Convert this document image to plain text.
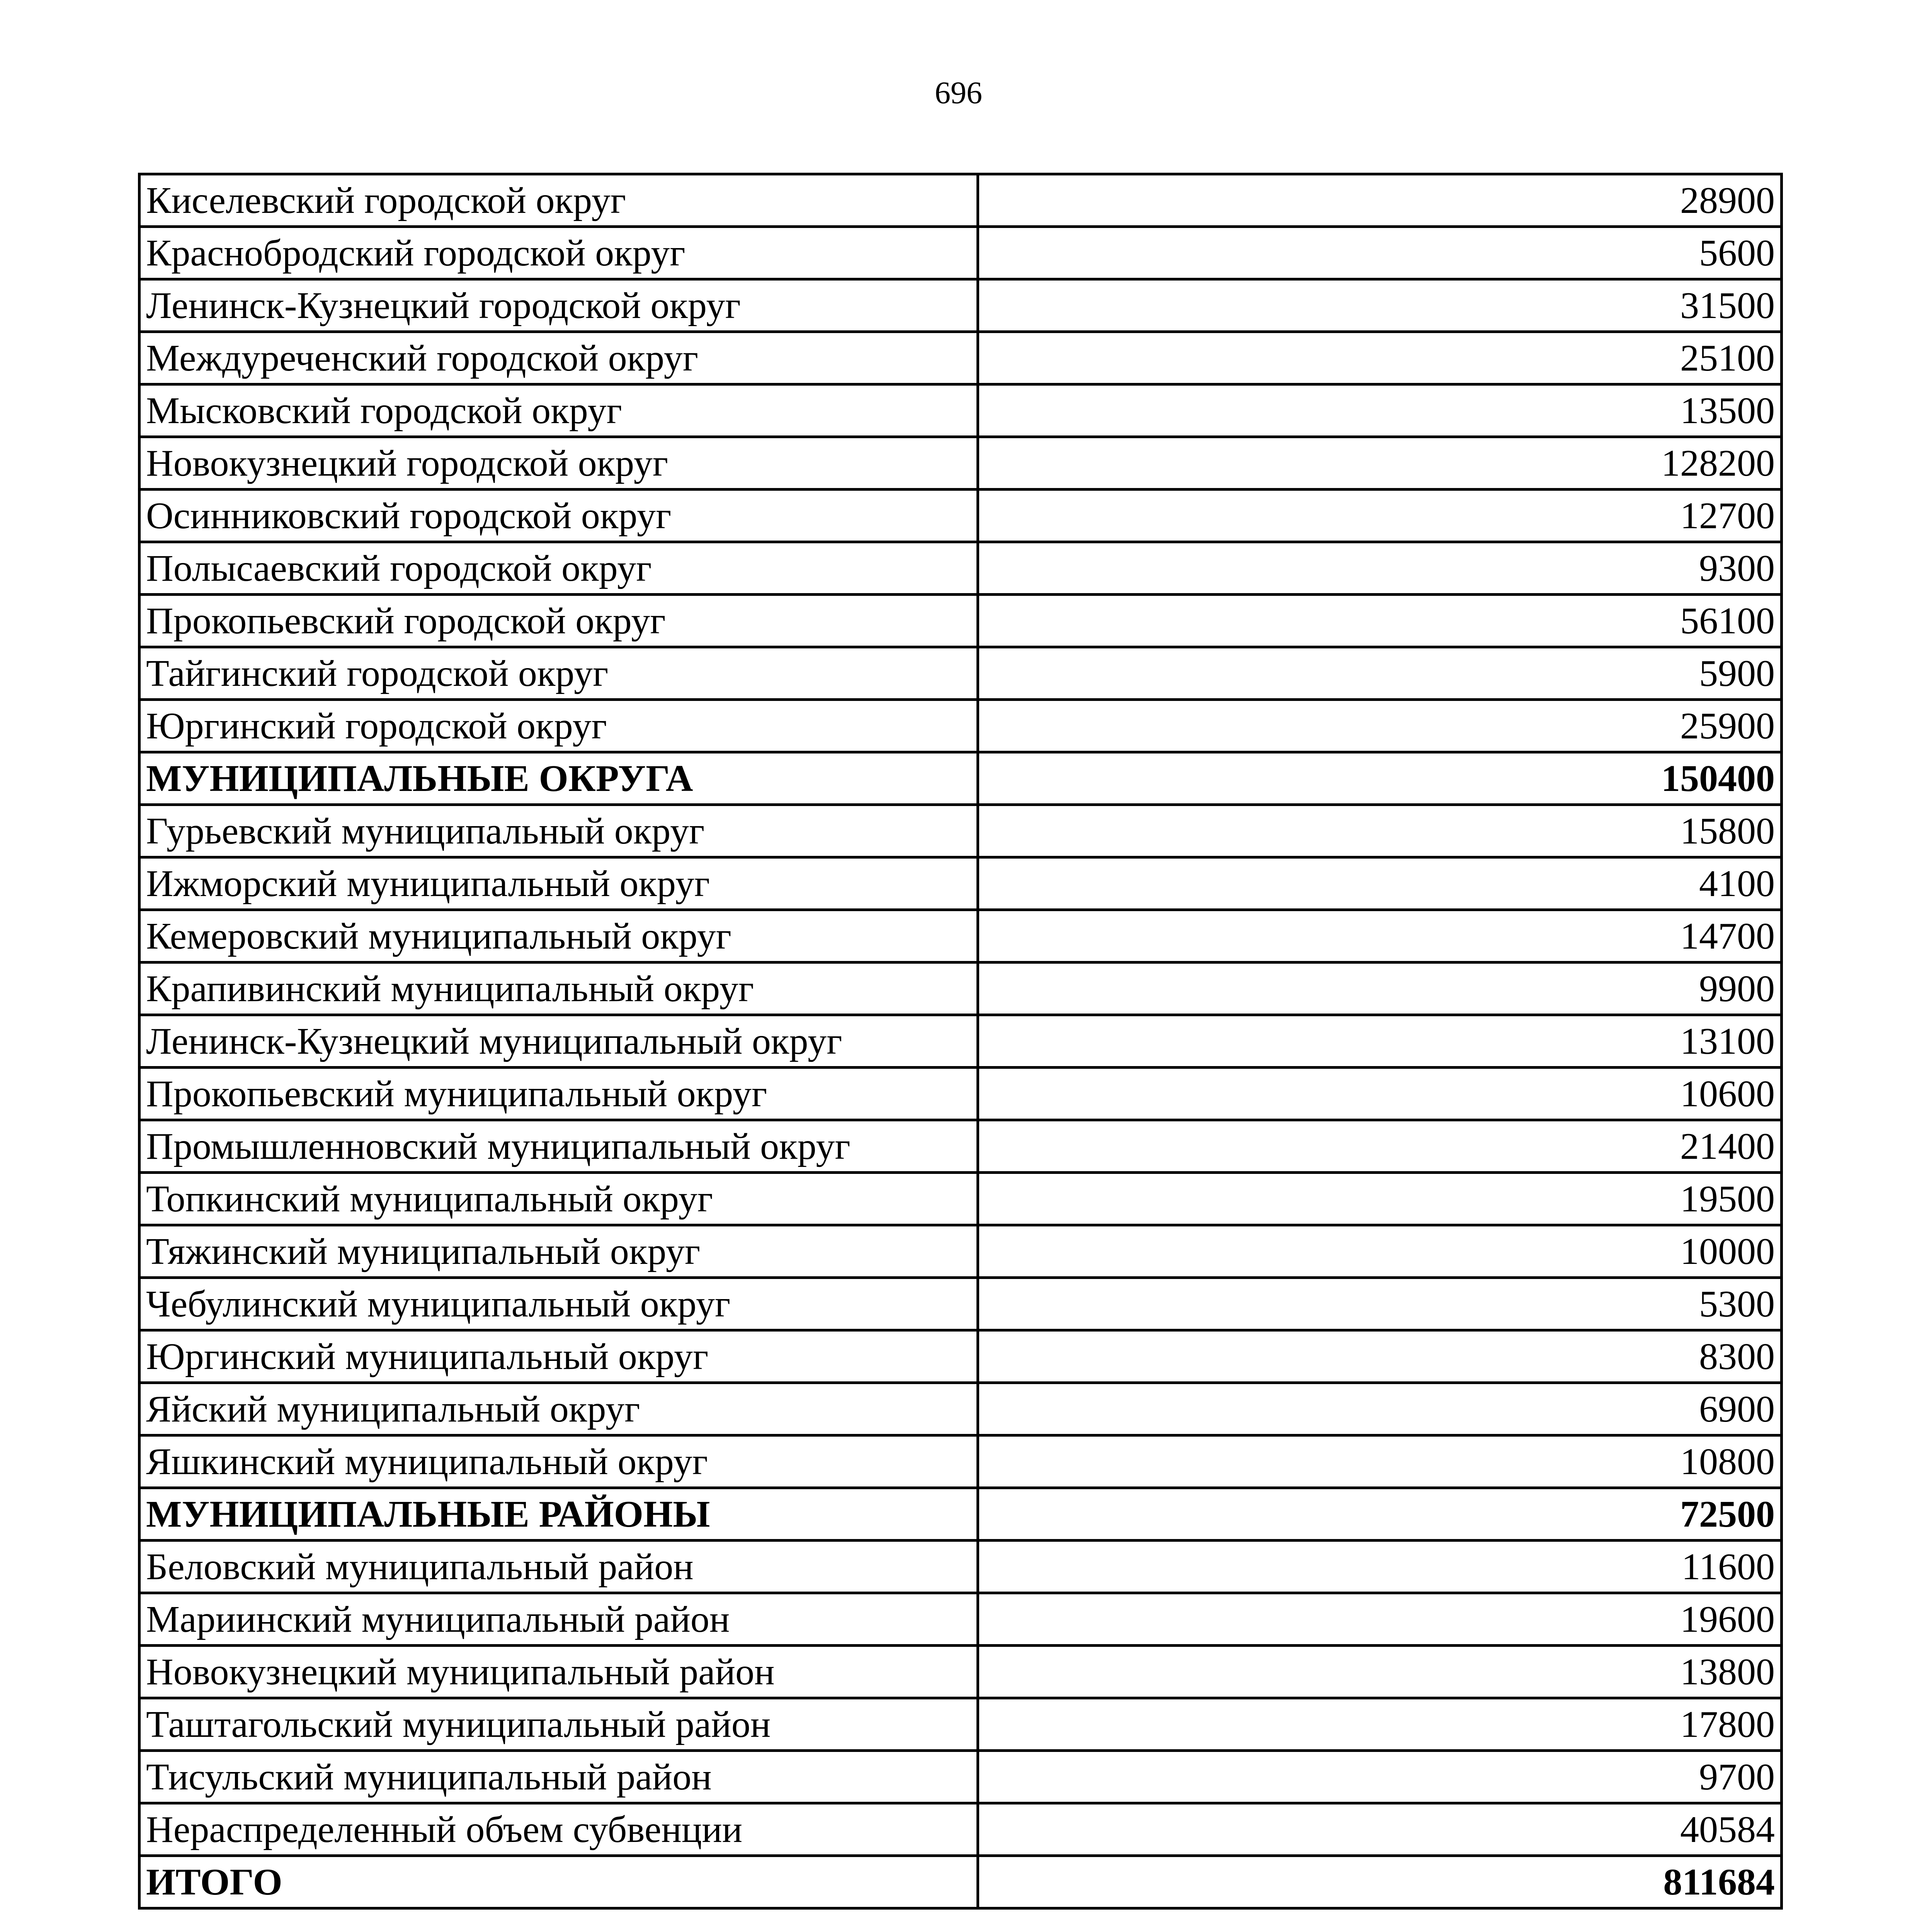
696
Киселевский городской округ	28900
Краснобродский городской округ	5600
Ленинск-Кузнецкий городской округ	31500
Междуреченский городской округ	25100
Мысковский городской округ	13500
Новокузнецкий городской округ	128200
Осинниковский городской округ	12700
Полысаевский городской округ	9300
Прокопьевский городской округ	56100
Тайгинский городской округ	5900
Юргинский городской округ	25900
МУНИЦИПАЛЬНЫЕ ОКРУГА	150400
Гурьевский муниципальный округ	15800
Ижморский муниципальный округ	4100
Кемеровский муниципальный округ	14700
Крапивинский муниципальный округ	9900
Ленинск-Кузнецкий муниципальный округ	13100
Прокопьевский муниципальный округ	10600
Промышленновский муниципальный округ	21400
Топкинский муниципальный округ	19500
Тяжинский муниципальный округ	10000
Чебулинский муниципальный округ	5300
Юргинский муниципальный округ	8300
Яйский муниципальный округ	6900
Яшкинский муниципальный округ	10800
МУНИЦИПАЛЬНЫЕ РАЙОНЫ	72500
Беловский муниципальный район	11600
Мариинский муниципальный район	19600
Новокузнецкий муниципальный район	13800
Таштагольский муниципальный район	17800
Тисульский муниципальный район	9700
Нераспределенный объем субвенции	40584
ИТОГО	811684
